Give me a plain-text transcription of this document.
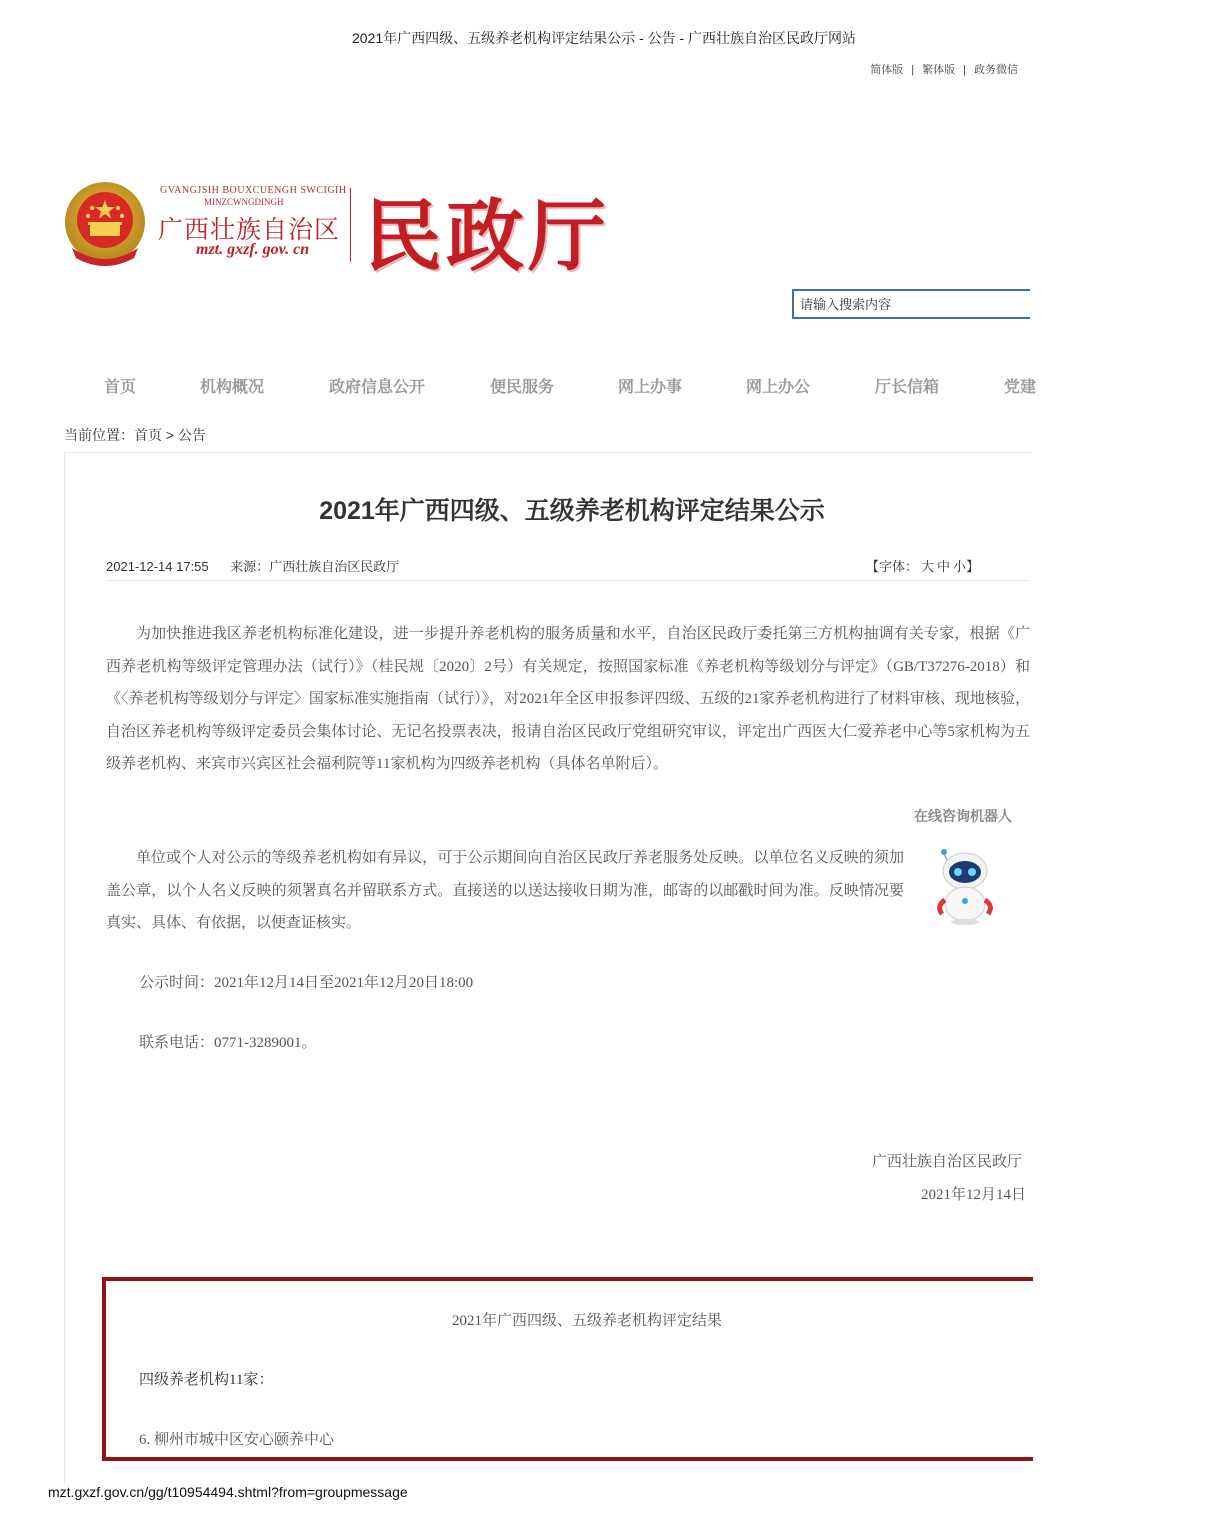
2021年广西四级、五级养老机构评定结果公示 - 公告 - 广西壮族自治区民政厅网站
简体版 | 繁体版 | 政务微信
GVANGJSIH BOUXCUENGH SWCIGIH
MINZCWNGDINGH
广西壮族自治区
mzt. gxzf. gov. cn 民政厅
请输入搜索内容
首页	机构概况	政府信息公开	便民服务	网上办事	网上办公	厅长信箱	党建
当前位置：首页 > 公告
2021年广西四级、五级养老机构评定结果公示
2021-12-14 17:55 来源：广西壮族自治区民政厅	【字体： 大 中 小】
为加快推进我区养老机构标准化建设，进一步提升养老机构的服务质量和水平，自治区民政厅委托第三方机构抽调有关专家，根据《广西养老机构等级评定管理办法（试行）》（桂民规〔2020〕2号）有关规定，按照国家标准《养老机构等级划分与评定》（GB/T37276-2018）和《〈养老机构等级划分与评定〉国家标准实施指南（试行）》，对2021年全区申报参评四级、五级的21家养老机构进行了材料审核、现地核验，自治区养老机构等级评定委员会集体讨论、无记名投票表决，报请自治区民政厅党组研究审议，评定出广西医大仁爱养老中心等5家机构为五级养老机构、来宾市兴宾区社会福利院等11家机构为四级养老机构（具体名单附后）。
在线咨询机器人
单位或个人对公示的等级养老机构如有异议，可于公示期间向自治区民政厅养老服务处反映。以单位名义反映的须加盖公章，以个人名义反映的须署真名并留联系方式。直接送的以送达接收日期为准，邮寄的以邮戳时间为准。反映情况要真实、具体、有依据，以便查证核实。
公示时间：2021年12月14日至2021年12月20日18:00
联系电话：0771-3289001。
广西壮族自治区民政厅
2021年12月14日
2021年广西四级、五级养老机构评定结果
四级养老机构11家：
6. 柳州市城中区安心颐养中心
mzt.gxzf.gov.cn/gg/t10954494.shtml?from=groupmessage
